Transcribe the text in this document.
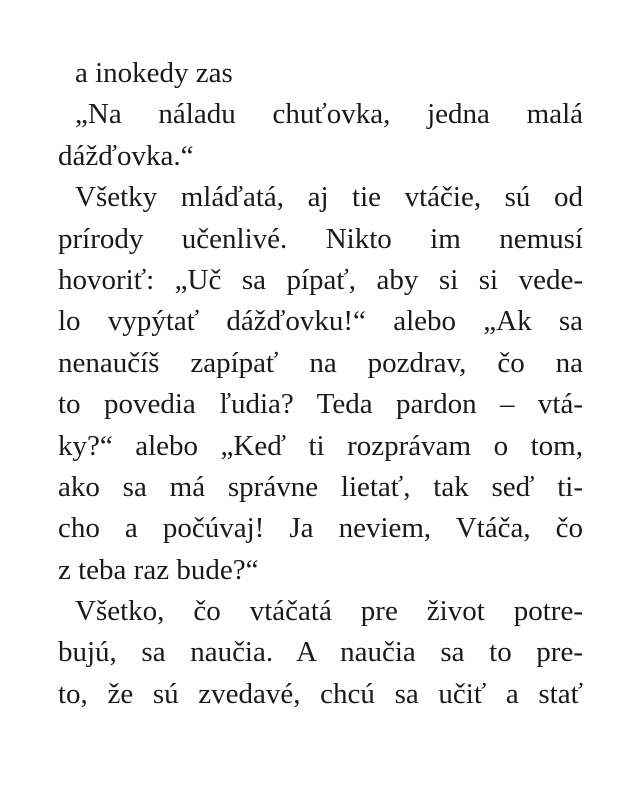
a inokedy zas
„Na náladu chuťovka, jedna malá
dážďovka.“
Všetky mláďatá, aj tie vtáčie, sú od
prírody učenlivé. Nikto im nemusí
hovoriť: „Uč sa pípať, aby si si vede-
lo vypýtať dážďovku!“ alebo „Ak sa
nenaučíš zapípať na pozdrav, čo na
to povedia ľudia? Teda pardon – vtá-
ky?“ alebo „Keď ti rozprávam o tom,
ako sa má správne lietať, tak seď ti-
cho a počúvaj! Ja neviem, Vtáča, čo
z teba raz bude?“
Všetko, čo vtáčatá pre život potre-
bujú, sa naučia. A naučia sa to pre-
to, že sú zvedavé, chcú sa učiť a stať
